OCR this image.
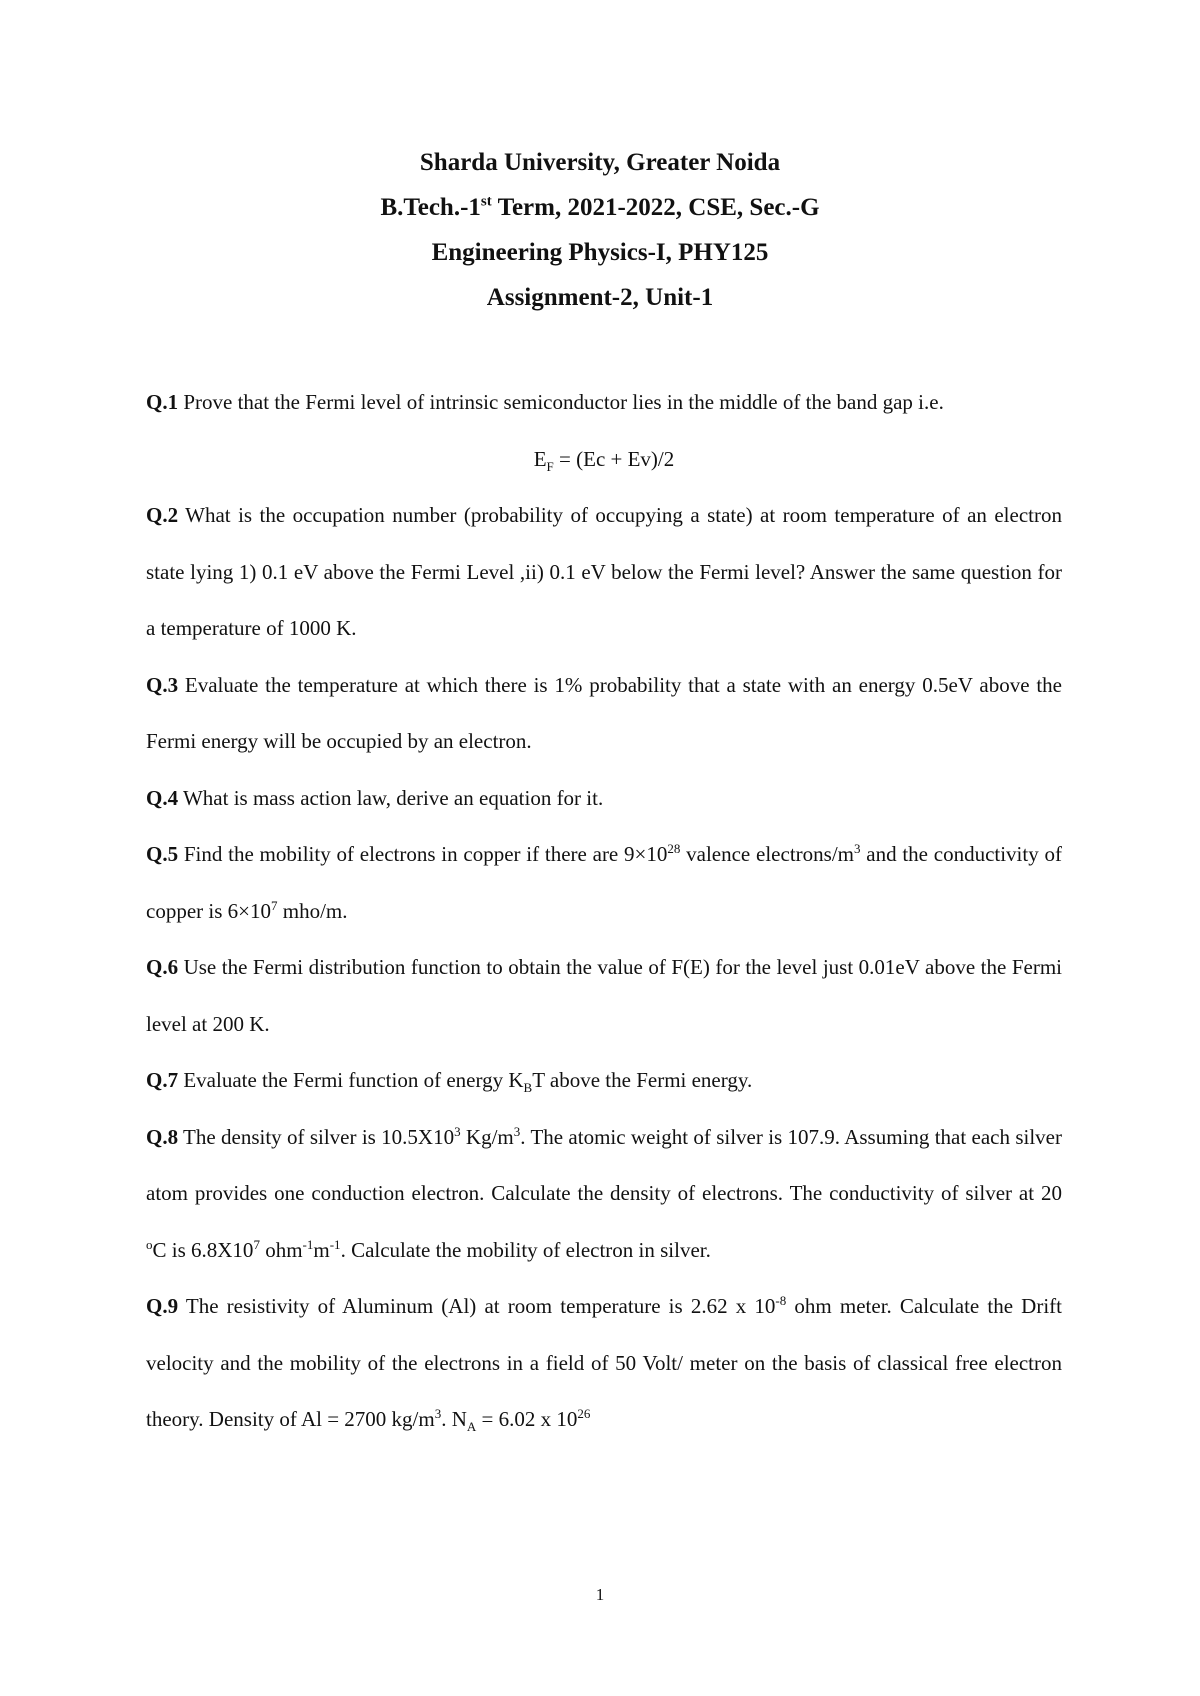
Sharda University, Greater Noida
B.Tech.-1st Term, 2021-2022, CSE, Sec.-G
Engineering Physics-I, PHY125
Assignment-2, Unit-1

Q.1 Prove that the Fermi level of intrinsic semiconductor lies in the middle of the band gap i.e.

$E_F = (Ec + Ev)/2$

Q.2 What is the occupation number (probability of occupying a state) at room temperature of an electron state lying 1) 0.1 eV above the Fermi Level ,ii) 0.1 eV below the Fermi level? Answer the same question for a temperature of 1000 K.

Q.3 Evaluate the temperature at which there is 1% probability that a state with an energy 0.5eV above the Fermi energy will be occupied by an electron.

Q.4 What is mass action law, derive an equation for it.

Q.5 Find the mobility of electrons in copper if there are $9\times 10^{28}$ valence electrons/$m^3$ and the conductivity of copper is $6\times 10^7$ mho/m.

Q.6 Use the Fermi distribution function to obtain the value of F(E) for the level just 0.01eV above the Fermi level at 200 K.

Q.7 Evaluate the Fermi function of energy $K_BT$ above the Fermi energy.

Q.8 The density of silver is $10.5X10^3$ $Kg/m^3$. The atomic weight of silver is 107.9. Assuming that each silver atom provides one conduction electron. Calculate the density of electrons. The conductivity of silver at 20 $^o$C is $6.8X10^7$ $ohm^{-1}m^{-1}$. Calculate the mobility of electron in silver.

Q.9 The resistivity of Aluminum (Al) at room temperature is 2.62 x $10^{-8}$ ohm meter. Calculate the Drift velocity and the mobility of the electrons in a field of 50 Volt/ meter on the basis of classical free electron theory. Density of Al = 2700 $kg/m^3$. $N_A = 6.02$ x $10^{26}$

1
